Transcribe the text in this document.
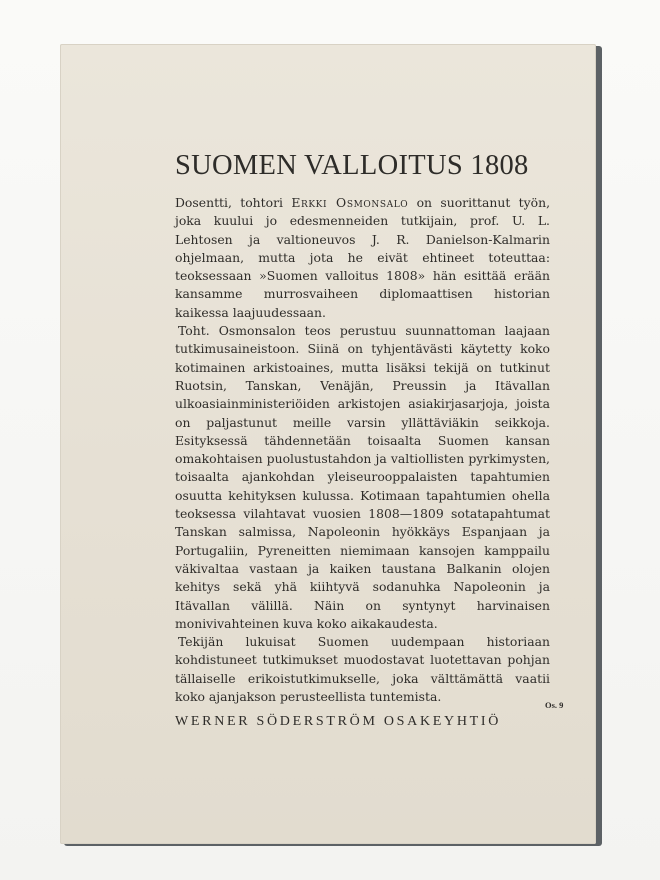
SUOMEN VALLOITUS 1808

Dosentti, tohtori Erkki Osmonsalo on suorittanut työn, joka kuului jo edesmenneiden tutkijain, prof. U. L. Lehtosen ja valtioneuvos J. R. Danielson-Kalmarin ohjelmaan, mutta jota he eivät ehtineet toteuttaa: teoksessaan »Suomen valloitus 1808» hän esittää erään kansamme murrosvaiheen diplomaattisen historian kaikessa laajuudessaan.

Toht. Osmonsalon teos perustuu suunnattoman laajaan tutkimusaineistoon. Siinä on tyhjentävästi käytetty koko kotimainen arkistoaines, mutta lisäksi tekijä on tutkinut Ruotsin, Tanskan, Venäjän, Preussin ja Itävallan ulkoasiainministeriöiden arkistojen asiakirjasarjoja, joista on paljastunut meille varsin yllättäviäkin seikkoja. Esityksessä tähdennetään toisaalta Suomen kansan omakohtaisen puolustustahdon ja valtiollisten pyrkimysten, toisaalta ajankohdan yleiseurooppalaisten tapahtumien osuutta kehityksen kulussa. Kotimaan tapahtumien ohella teoksessa vilahtavat vuosien 1808—1809 sotatapahtumat Tanskan salmissa, Napoleonin hyökkäys Espanjaan ja Portugaliin, Pyreneitten niemimaan kansojen kamppailu väkivaltaa vastaan ja kaiken taustana Balkanin olojen kehitys sekä yhä kiihtyvä sodanuhka Napoleonin ja Itävallan välillä. Näin on syntynyt harvinaisen monivivahteinen kuva koko aikakaudesta.

Tekijän lukuisat Suomen uudempaan historiaan kohdistuneet tutkimukset muodostavat luotettavan pohjan tällaiselle erikoistutkimukselle, joka välttämättä vaatii koko ajanjakson perusteellista tuntemista.

WERNER SÖDERSTRÖM OSAKEYHTIÖ
Os. 9
